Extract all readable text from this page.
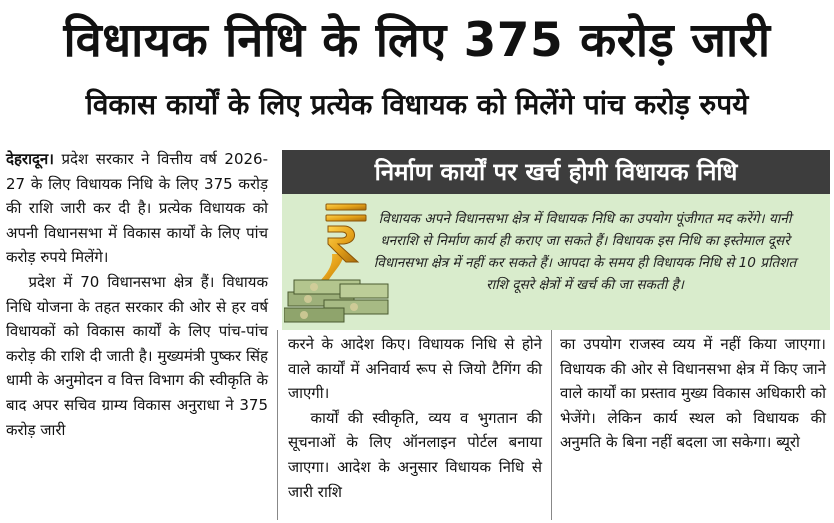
विधायक निधि के लिए 375 करोड़ जारी
विकास कार्यों के लिए प्रत्येक विधायक को मिलेंगे पांच करोड़ रुपये

देहरादून। प्रदेश सरकार ने वित्तीय वर्ष 2026-27 के लिए विधायक निधि के लिए 375 करोड़ की राशि जारी कर दी है। प्रत्येक विधायक को अपनी विधानसभा में विकास कार्यों के लिए पांच करोड़ रुपये मिलेंगे।

प्रदेश में 70 विधानसभा क्षेत्र हैं। विधायक निधि योजना के तहत सरकार की ओर से हर वर्ष विधायकों को विकास कार्यों के लिए पांच-पांच करोड़ की राशि दी जाती है। मुख्यमंत्री पुष्कर सिंह धामी के अनुमोदन व वित्त विभाग की स्वीकृति के बाद अपर सचिव ग्राम्य विकास अनुराधा ने 375 करोड़ जारी

निर्माण कार्यों पर खर्च होगी विधायक निधि
विधायक अपने विधानसभा क्षेत्र में विधायक निधि का उपयोग पूंजीगत मद करेंगे। यानी धनराशि से निर्माण कार्य ही कराए जा सकते हैं। विधायक इस निधि का इस्तेमाल दूसरे विधानसभा क्षेत्र में नहीं कर सकते हैं। आपदा के समय ही विधायक निधि से 10 प्रतिशत राशि दूसरे क्षेत्रों में खर्च की जा सकती है।

करने के आदेश किए। विधायक निधि से होने वाले कार्यों में अनिवार्य रूप से जियो टैगिंग की जाएगी।

कार्यों की स्वीकृति, व्यय व भुगतान की सूचनाओं के लिए ऑनलाइन पोर्टल बनाया जाएगा। आदेश के अनुसार विधायक निधि से जारी राशि

का उपयोग राजस्व व्यय में नहीं किया जाएगा। विधायक की ओर से विधानसभा क्षेत्र में किए जाने वाले कार्यों का प्रस्ताव मुख्य विकास अधिकारी को भेजेंगे। लेकिन कार्य स्थल को विधायक की अनुमति के बिना नहीं बदला जा सकेगा। ब्यूरो
